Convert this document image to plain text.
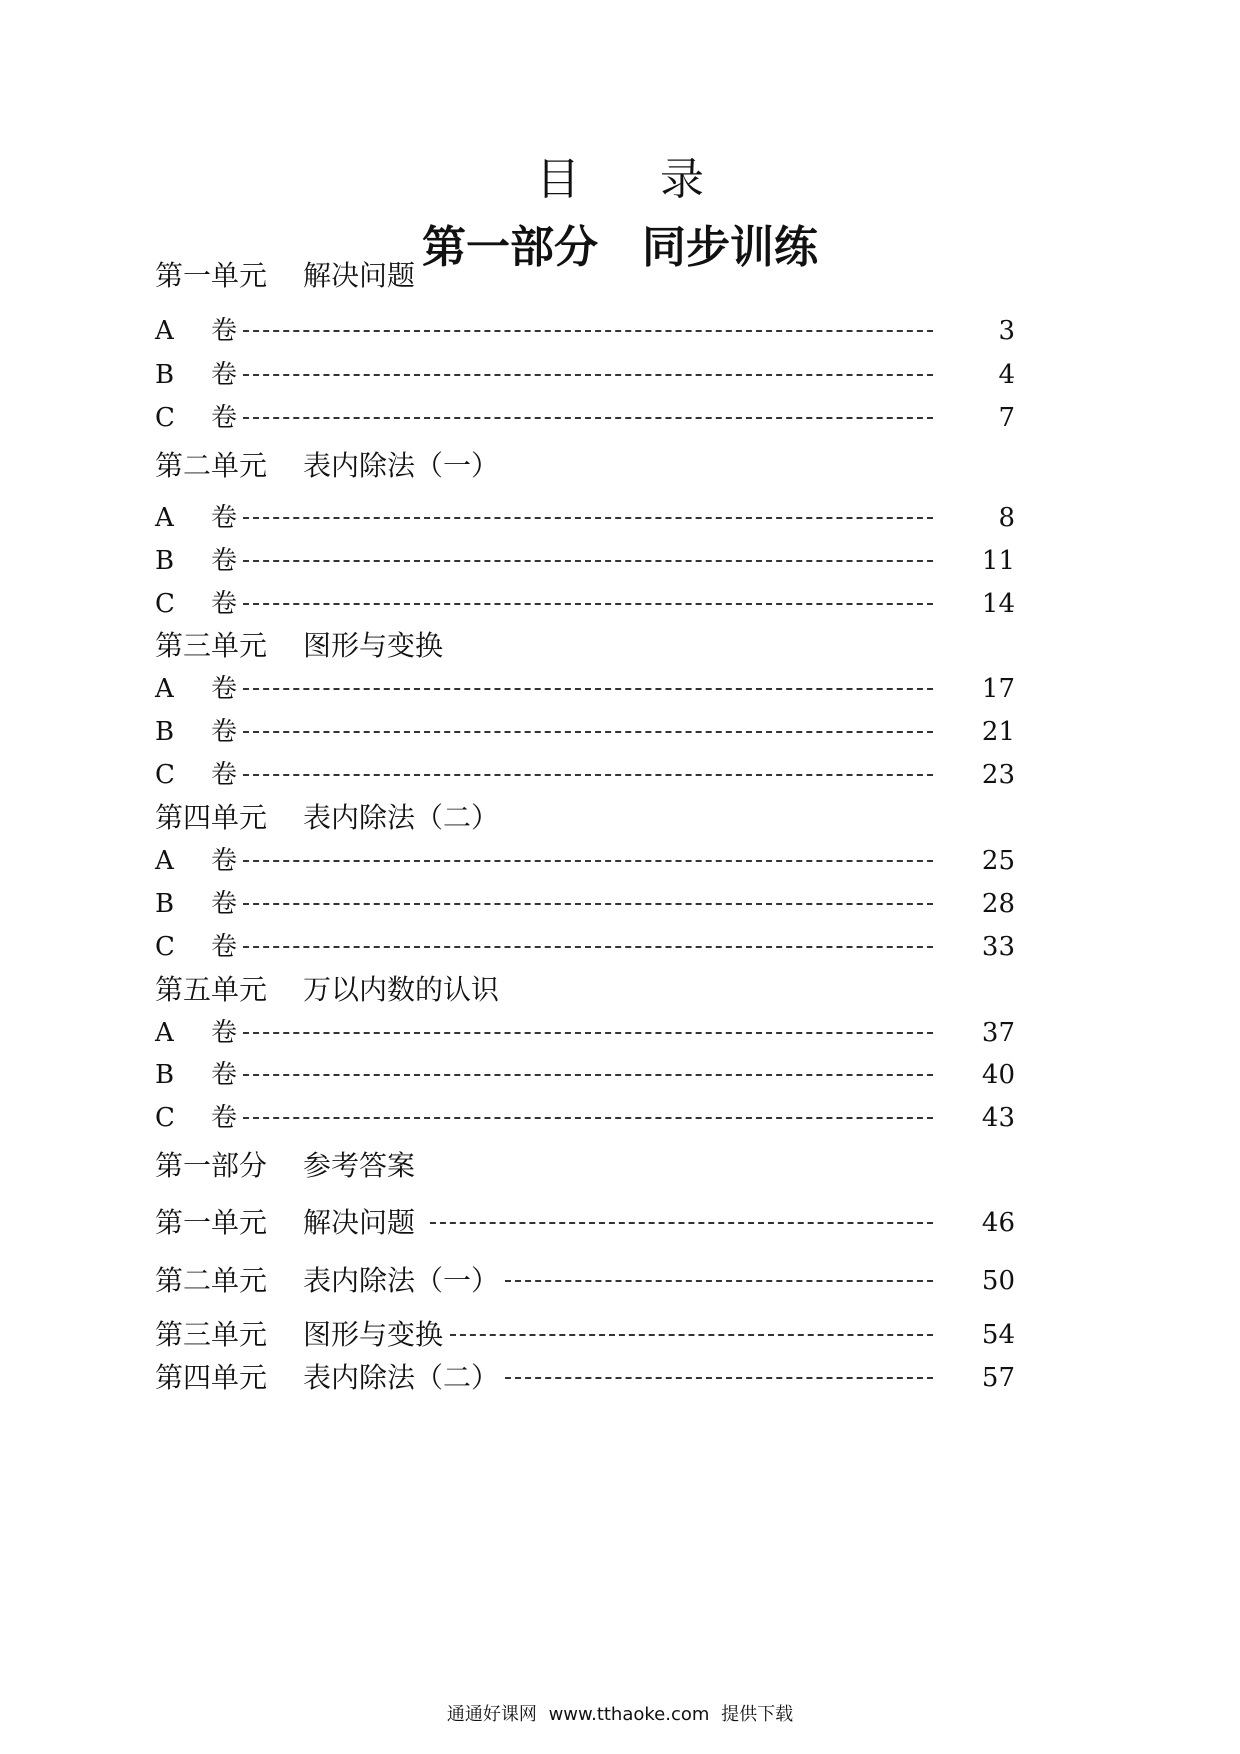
目录
第一部分　同步训练
第一单元 解决问题
A	卷	3
B	卷	4
C	卷	7
第二单元 表内除法（一）
A	卷	8
B	卷	11
C	卷	14
第三单元 图形与变换
A	卷	17
B	卷	21
C	卷	23
第四单元 表内除法（二）
A	卷	25
B	卷	28
C	卷	33
第五单元 万以内数的认识
A	卷	37
B	卷	40
C	卷	43
第一部分 参考答案
第一单元 解决问题	46
第二单元 表内除法（一）	50
第三单元 图形与变换	54
第四单元 表内除法（二）	57
通通好课网 www.tthaoke.com 提供下载
